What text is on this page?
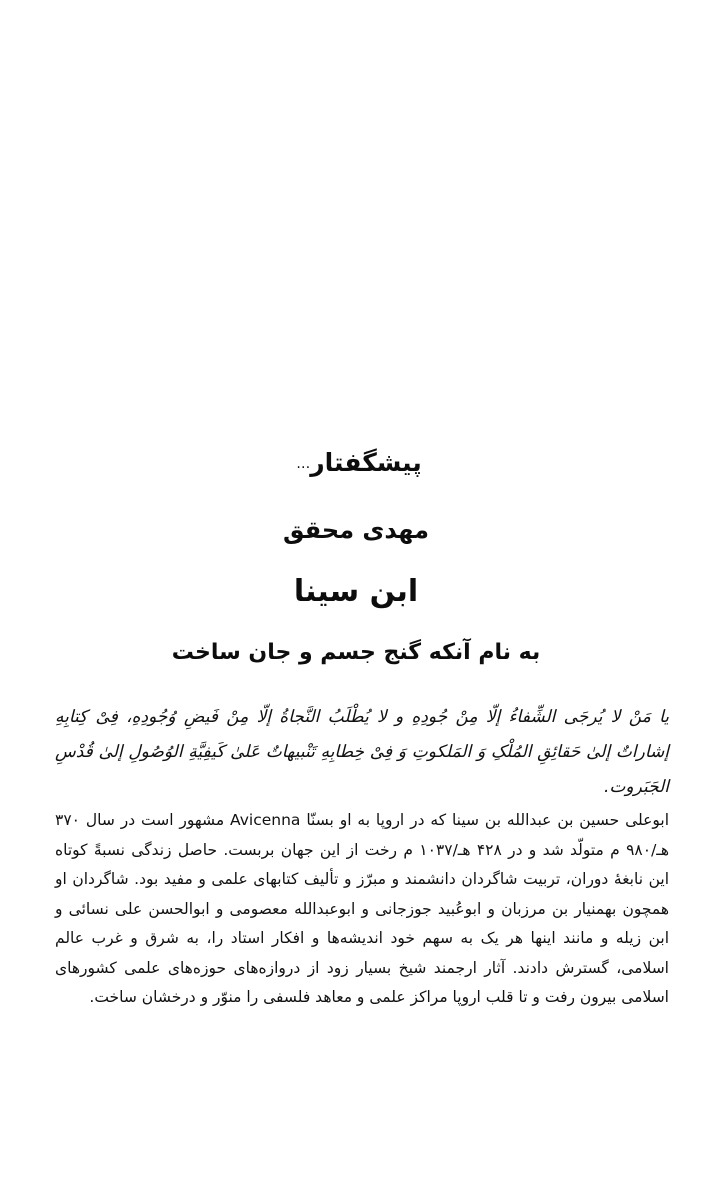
پیشگفتار…
مهدی محقق
ابن سینا
به نام آنکه گنج جسم و جان ساخت
یا مَنْ لا یُرجَی الشِّفاءُ إلّا مِنْ جُودِهِ و لا یُطْلَبُ النَّجاةُ إلّا مِنْ فَیضِ وُجُودِهِ، فِیْ کِتابِهِ إشاراتٌ إلیٰ حَقائِقِ المُلْکِ وَ المَلکوتِ وَ فِیْ خِطابِهِ تَنْبیهاتٌ عَلیٰ کَیفِیَّةِ الوُصُولِ إلیٰ قُدْسِ الجَبَروت.
ابوعلی حسین بن عبدالله بن سینا که در اروپا به او بسنّا Avicenna مشهور است در سال ۳۷۰ هـ/۹۸۰ م متولّد شد و در ۴۲۸ هـ/۱۰۳۷ م رخت از این جهان بربست. حاصل زندگی نسبةً کوتاه این نابغهٔ دوران، تربیت شاگردان دانشمند و مبرّز و تألیف کتابهای علمی و مفید بود. شاگردان او همچون بهمنیار بن مرزبان و ابوعُبید جوزجانی و ابوعبدالله معصومی و ابوالحسن علی نسائی و ابن زیله و مانند اینها هر یک به سهم خود اندیشه‌ها و افکار استاد را، به شرق و غرب عالم اسلامی، گسترش دادند. آثار ارجمند شیخ بسیار زود از دروازه‌های حوزه‌های علمی کشورهای اسلامی بیرون رفت و تا قلب اروپا مراکز علمی و معاهد فلسفی را منوّر و درخشان ساخت.
